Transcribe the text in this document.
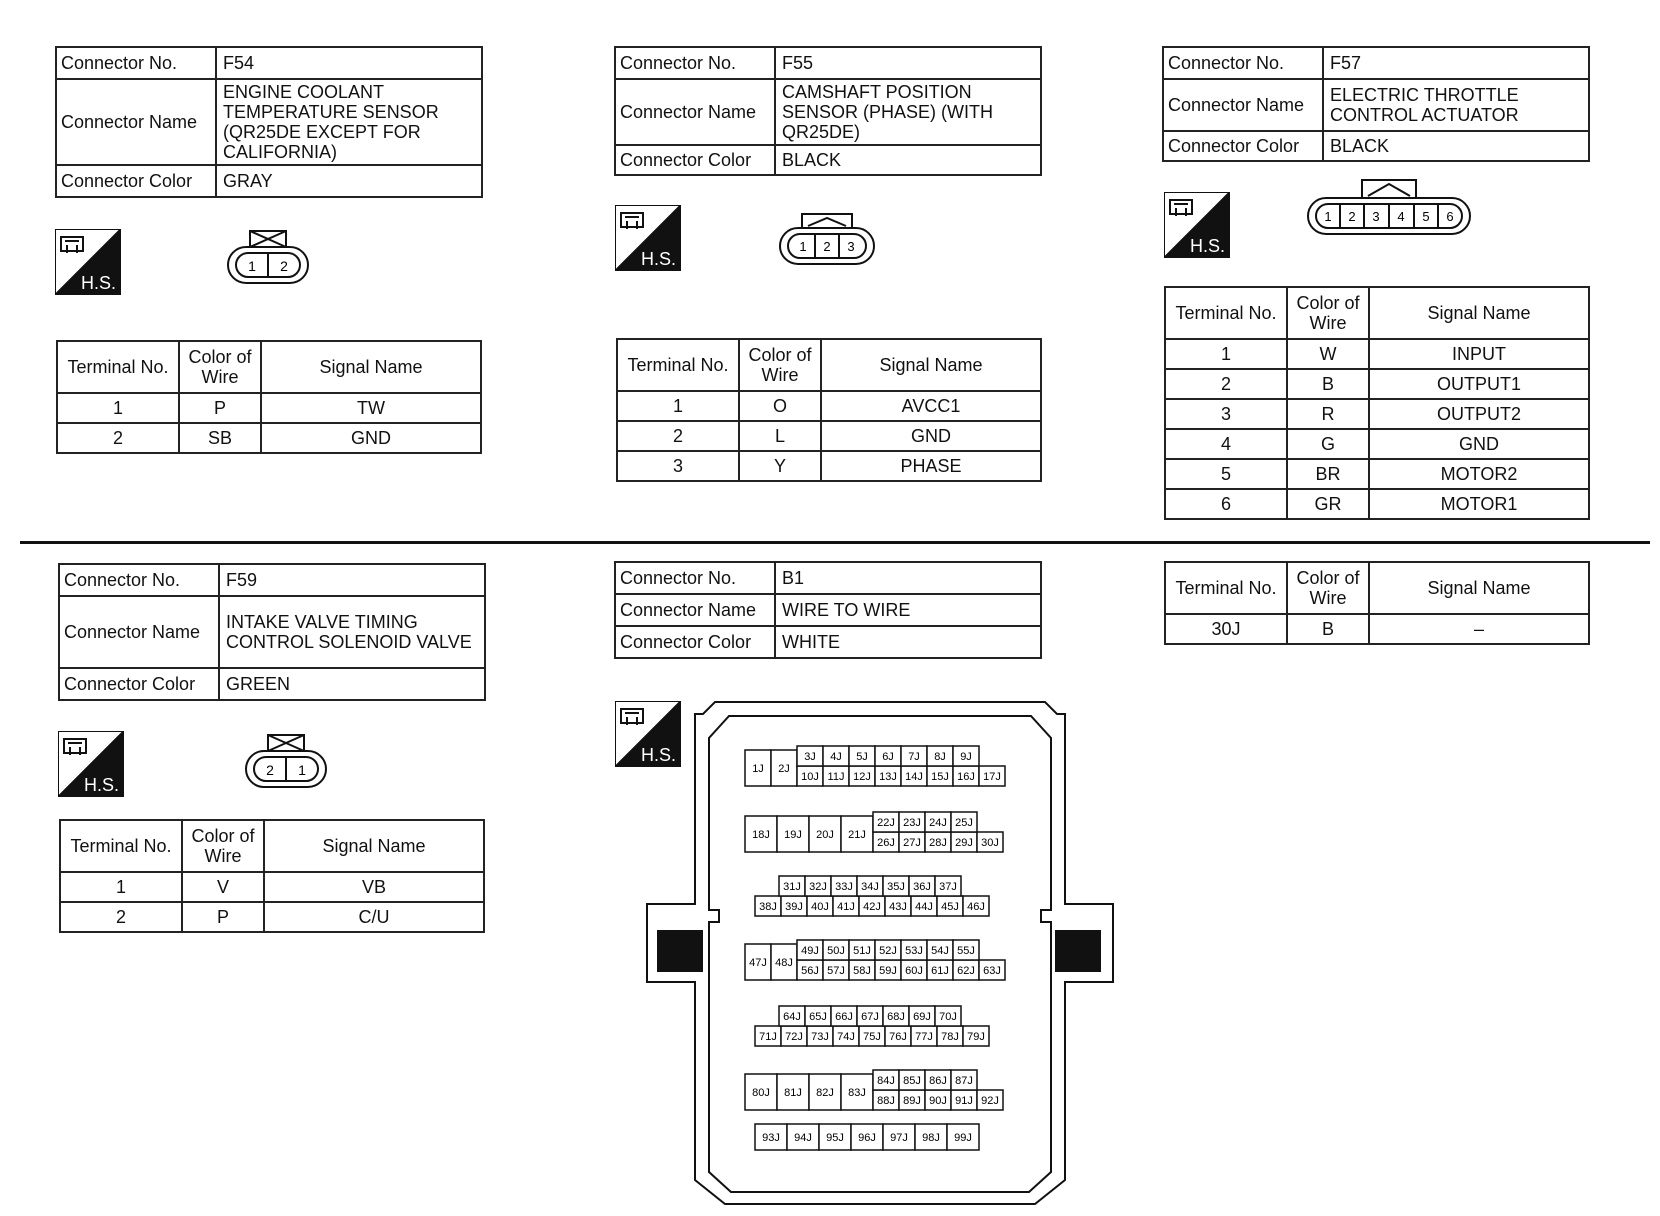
Connector No.	F54
Connector Name	ENGINE COOLANT TEMPERATURE SENSOR (QR25DE EXCEPT FOR CALIFORNIA)
Connector Color	GRAY
H.S.
1 2
Terminal No.	Color of Wire	Signal Name
1	P	TW
2	SB	GND
Connector No.	F55
Connector Name	CAMSHAFT POSITION SENSOR (PHASE) (WITH QR25DE)
Connector Color	BLACK
H.S.
1 2 3
Terminal No.	Color of Wire	Signal Name
1	O	AVCC1
2	L	GND
3	Y	PHASE
Connector No.	F57
Connector Name	ELECTRIC THROTTLE CONTROL ACTUATOR
Connector Color	BLACK
H.S.
1 2 3 4 5 6
Terminal No.	Color of Wire	Signal Name
1	W	INPUT
2	B	OUTPUT1
3	R	OUTPUT2
4	G	GND
5	BR	MOTOR2
6	GR	MOTOR1
Connector No.	F59
Connector Name	INTAKE VALVE TIMING CONTROL SOLENOID VALVE
Connector Color	GREEN
H.S.
2 1
Terminal No.	Color of Wire	Signal Name
1	V	VB
2	P	C/U
Connector No.	B1
Connector Name	WIRE TO WIRE
Connector Color	WHITE
H.S.
1J 2J
10J 11J 12J 13J 14J 15J 16J 17J
3J 4J 5J 6J 7J 8J 9J
18J 19J 20J 21J
26J 27J 28J 29J 30J
22J 23J 24J 25J
38J 39J 40J 41J 42J 43J 44J 45J 46J
31J 32J 33J 34J 35J 36J 37J
47J 48J
56J 57J 58J 59J 60J 61J 62J 63J
49J 50J 51J 52J 53J 54J 55J
71J 72J 73J 74J 75J 76J 77J 78J 79J
64J 65J 66J 67J 68J 69J 70J
80J 81J 82J 83J
88J 89J 90J 91J 92J
84J 85J 86J 87J
93J 94J 95J 96J 97J 98J 99J
Terminal No.	Color of Wire	Signal Name
30J	B	–
